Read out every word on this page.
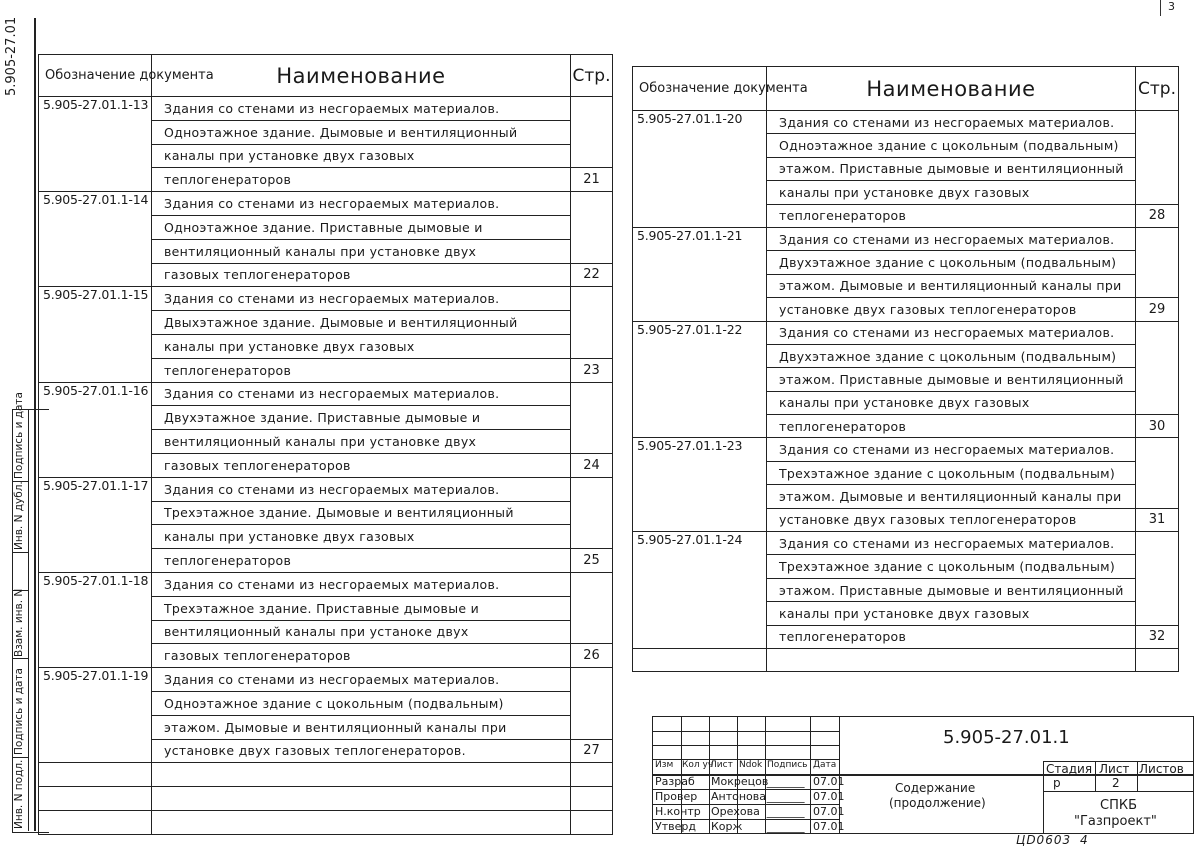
5.905-27.01
3
Обозначение документа	Наименование	Стр.
5.905-27.01.1-13	Здания со стенами из несгораемых материалов.	
	Одноэтажное здание. Дымовые и вентиляционный	
	каналы при установке двух газовых	
	теплогенераторов	21
5.905-27.01.1-14	Здания со стенами из несгораемых материалов.	
	Одноэтажное здание. Приставные дымовые и	
	вентиляционный каналы при установке двух	
	газовых теплогенераторов	22
5.905-27.01.1-15	Здания со стенами из несгораемых материалов.	
	Двыхэтажное здание. Дымовые и вентиляционный	
	каналы при установке двух газовых	
	теплогенераторов	23
5.905-27.01.1-16	Здания со стенами из несгораемых материалов.	
	Двухэтажное здание. Приставные дымовые и	
	вентиляционный каналы при установке двух	
	газовых теплогенераторов	24
5.905-27.01.1-17	Здания со стенами из несгораемых материалов.	
	Трехэтажное здание. Дымовые и вентиляционный	
	каналы при установке двух газовых	
	теплогенераторов	25
5.905-27.01.1-18	Здания со стенами из несгораемых материалов.	
	Трехэтажное здание. Приставные дымовые и	
	вентиляционный каналы при устаноке двух	
	газовых теплогенераторов	26
5.905-27.01.1-19	Здания со стенами из несгораемых материалов.	
	Одноэтажное здание с цокольным (подвальным)	
	этажом. Дымовые и вентиляционный каналы при	
	установке двух газовых теплогенераторов.	27

Обозначение документа	Наименование	Стр.
5.905-27.01.1-20	Здания со стенами из несгораемых материалов.	
	Одноэтажное здание с цокольным (подвальным)	
	этажом. Приставные дымовые и вентиляционный	
	каналы при установке двух газовых	
	теплогенераторов	28
5.905-27.01.1-21	Здания со стенами из несгораемых материалов.	
	Двухэтажное здание с цокольным (подвальным)	
	этажом. Дымовые и вентиляционный каналы при	
	установке двух газовых теплогенераторов	29
5.905-27.01.1-22	Здания со стенами из несгораемых материалов.	
	Двухэтажное здание с цокольным (подвальным)	
	этажом. Приставные дымовые и вентиляционный	
	каналы при установке двух газовых	
	теплогенераторов	30
5.905-27.01.1-23	Здания со стенами из несгораемых материалов.	
	Трехэтажное здание с цокольным (подвальным)	
	этажом. Дымовые и вентиляционный каналы при	
	установке двух газовых теплогенераторов	31
5.905-27.01.1-24	Здания со стенами из несгораемых материалов.	
	Трехэтажное здание с цокольным (подвальным)	
	этажом. Приставные дымовые и вентиляционный	
	каналы при установке двух газовых	
	теплогенераторов	32

Подпись и дата
Инв. N дубл.
Взам. инв. N
Подпись и дата
Инв. N подл.
5.905-27.01.1
Изм Кол уч
Лист Ndok Подпись Дата
Разраб Мокрецов	07.01
Провер Антонова	07.01
Н.контр Орехова	07.01
Утверд Корж	07.01
Содержание
(продолжение)
Стадия Лист Листов
р	2
СПКБ
"Газпроект"
ЦD0603 4
